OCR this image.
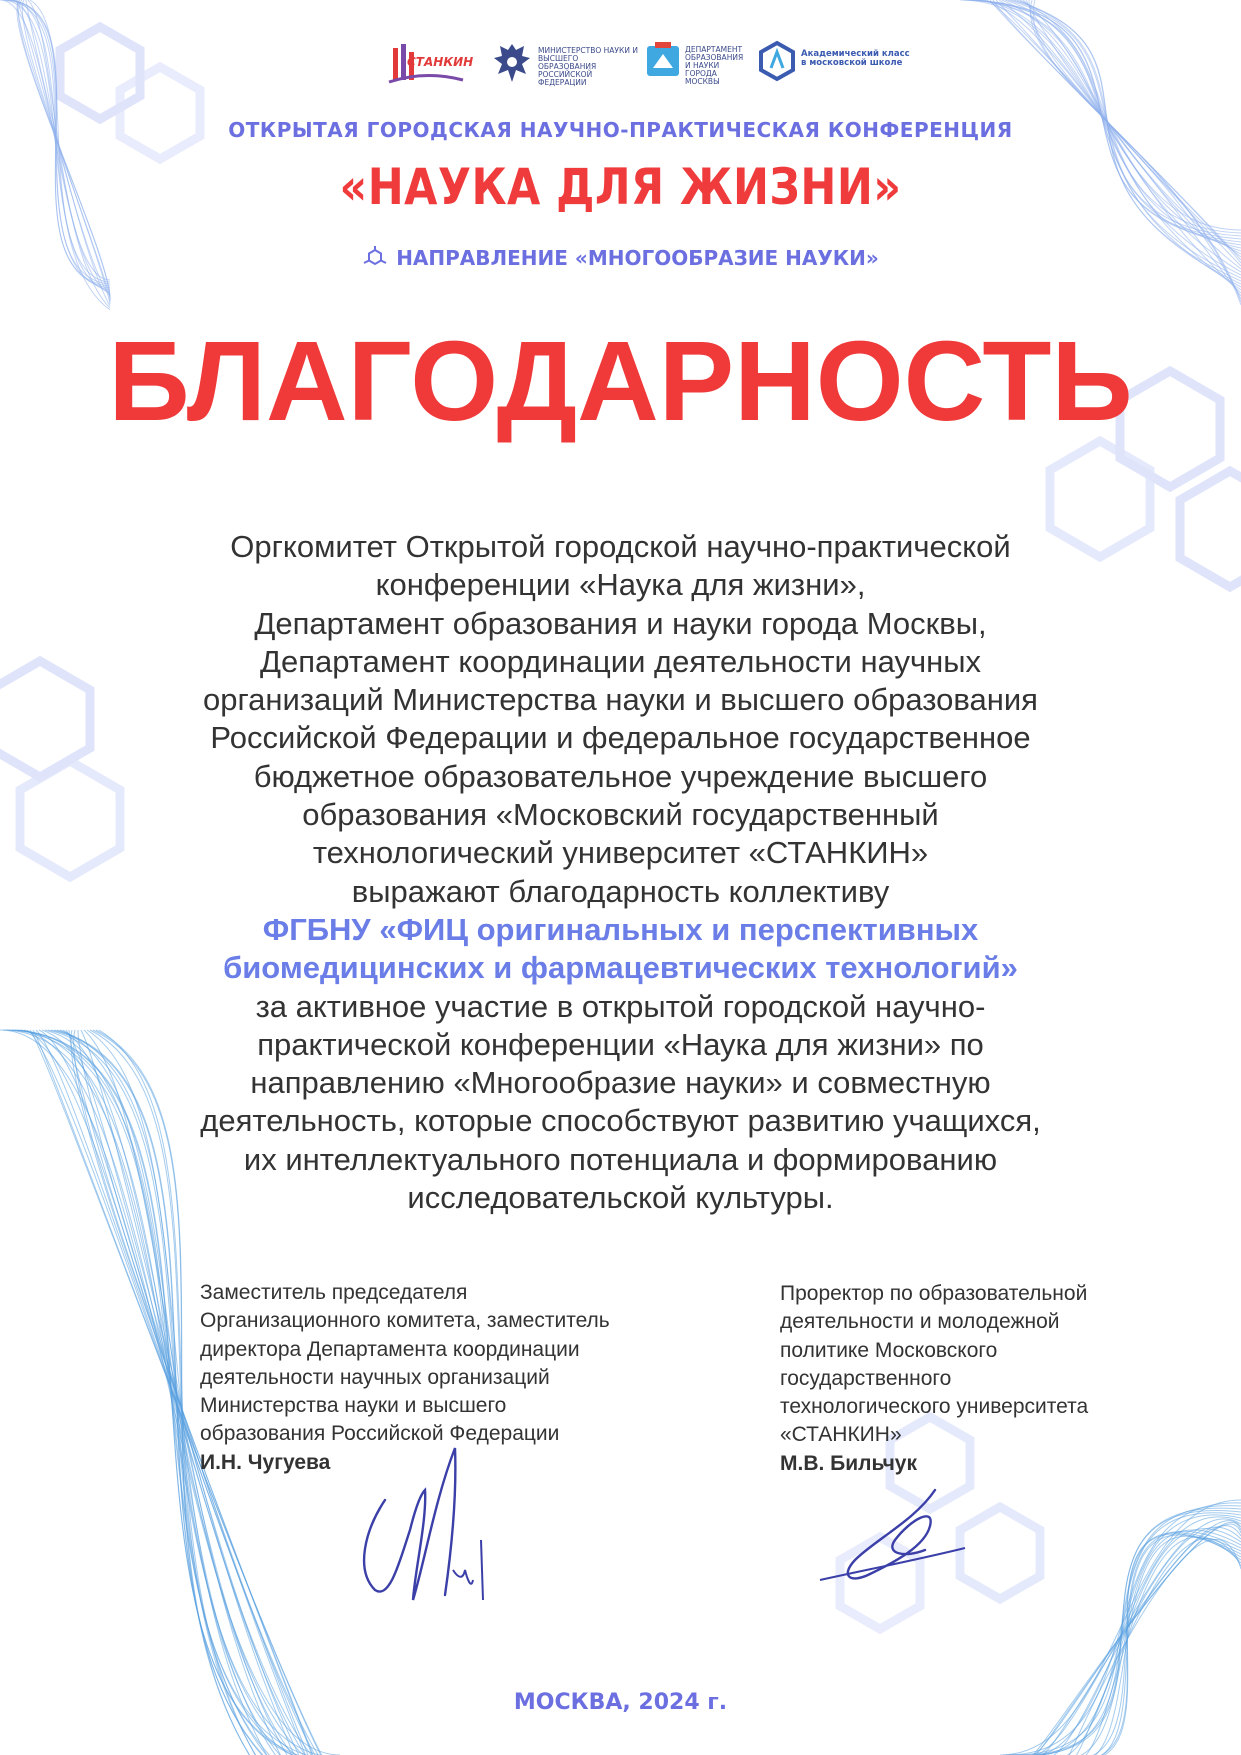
СТАНКИН
МИНИСТЕРСТВО НАУКИ И ВЫСШЕГО ОБРАЗОВАНИЯ РОССИЙСКОЙ ФЕДЕРАЦИИ
ДЕПАРТАМЕНТ ОБРАЗОВАНИЯ И НАУКИ ГОРОДА МОСКВЫ
Академический класс в московской школе
ОТКРЫТАЯ ГОРОДСКАЯ НАУЧНО-ПРАКТИЧЕСКАЯ КОНФЕРЕНЦИЯ
«НАУКА ДЛЯ ЖИЗНИ»
НАПРАВЛЕНИЕ «МНОГООБРАЗИЕ НАУКИ»
БЛАГОДАРНОСТЬ
Оргкомитет Открытой городской научно-практической
конференции «Наука для жизни»,
Департамент образования и науки города Москвы,
Департамент координации деятельности научных
организаций Министерства науки и высшего образования
Российской Федерации и федеральное государственное
бюджетное образовательное учреждение высшего
образования «Московский государственный
технологический университет «СТАНКИН»
выражают благодарность коллективу
ФГБНУ «ФИЦ оригинальных и перспективных
биомедицинских и фармацевтических технологий»
за активное участие в открытой городской научно-
практической конференции «Наука для жизни» по
направлению «Многообразие науки» и совместную
деятельность, которые способствуют развитию учащихся,
их интеллектуального потенциала и формированию
исследовательской культуры.
Заместитель председателя
Организационного комитета, заместитель
директора Департамента координации
деятельности научных организаций
Министерства науки и высшего
образования Российской Федерации
И.Н. Чугуева
Проректор по образовательной
деятельности и молодежной
политике Московского
государственного
технологического университета
«СТАНКИН»
М.В. Бильчук
МОСКВА, 2024 г.
